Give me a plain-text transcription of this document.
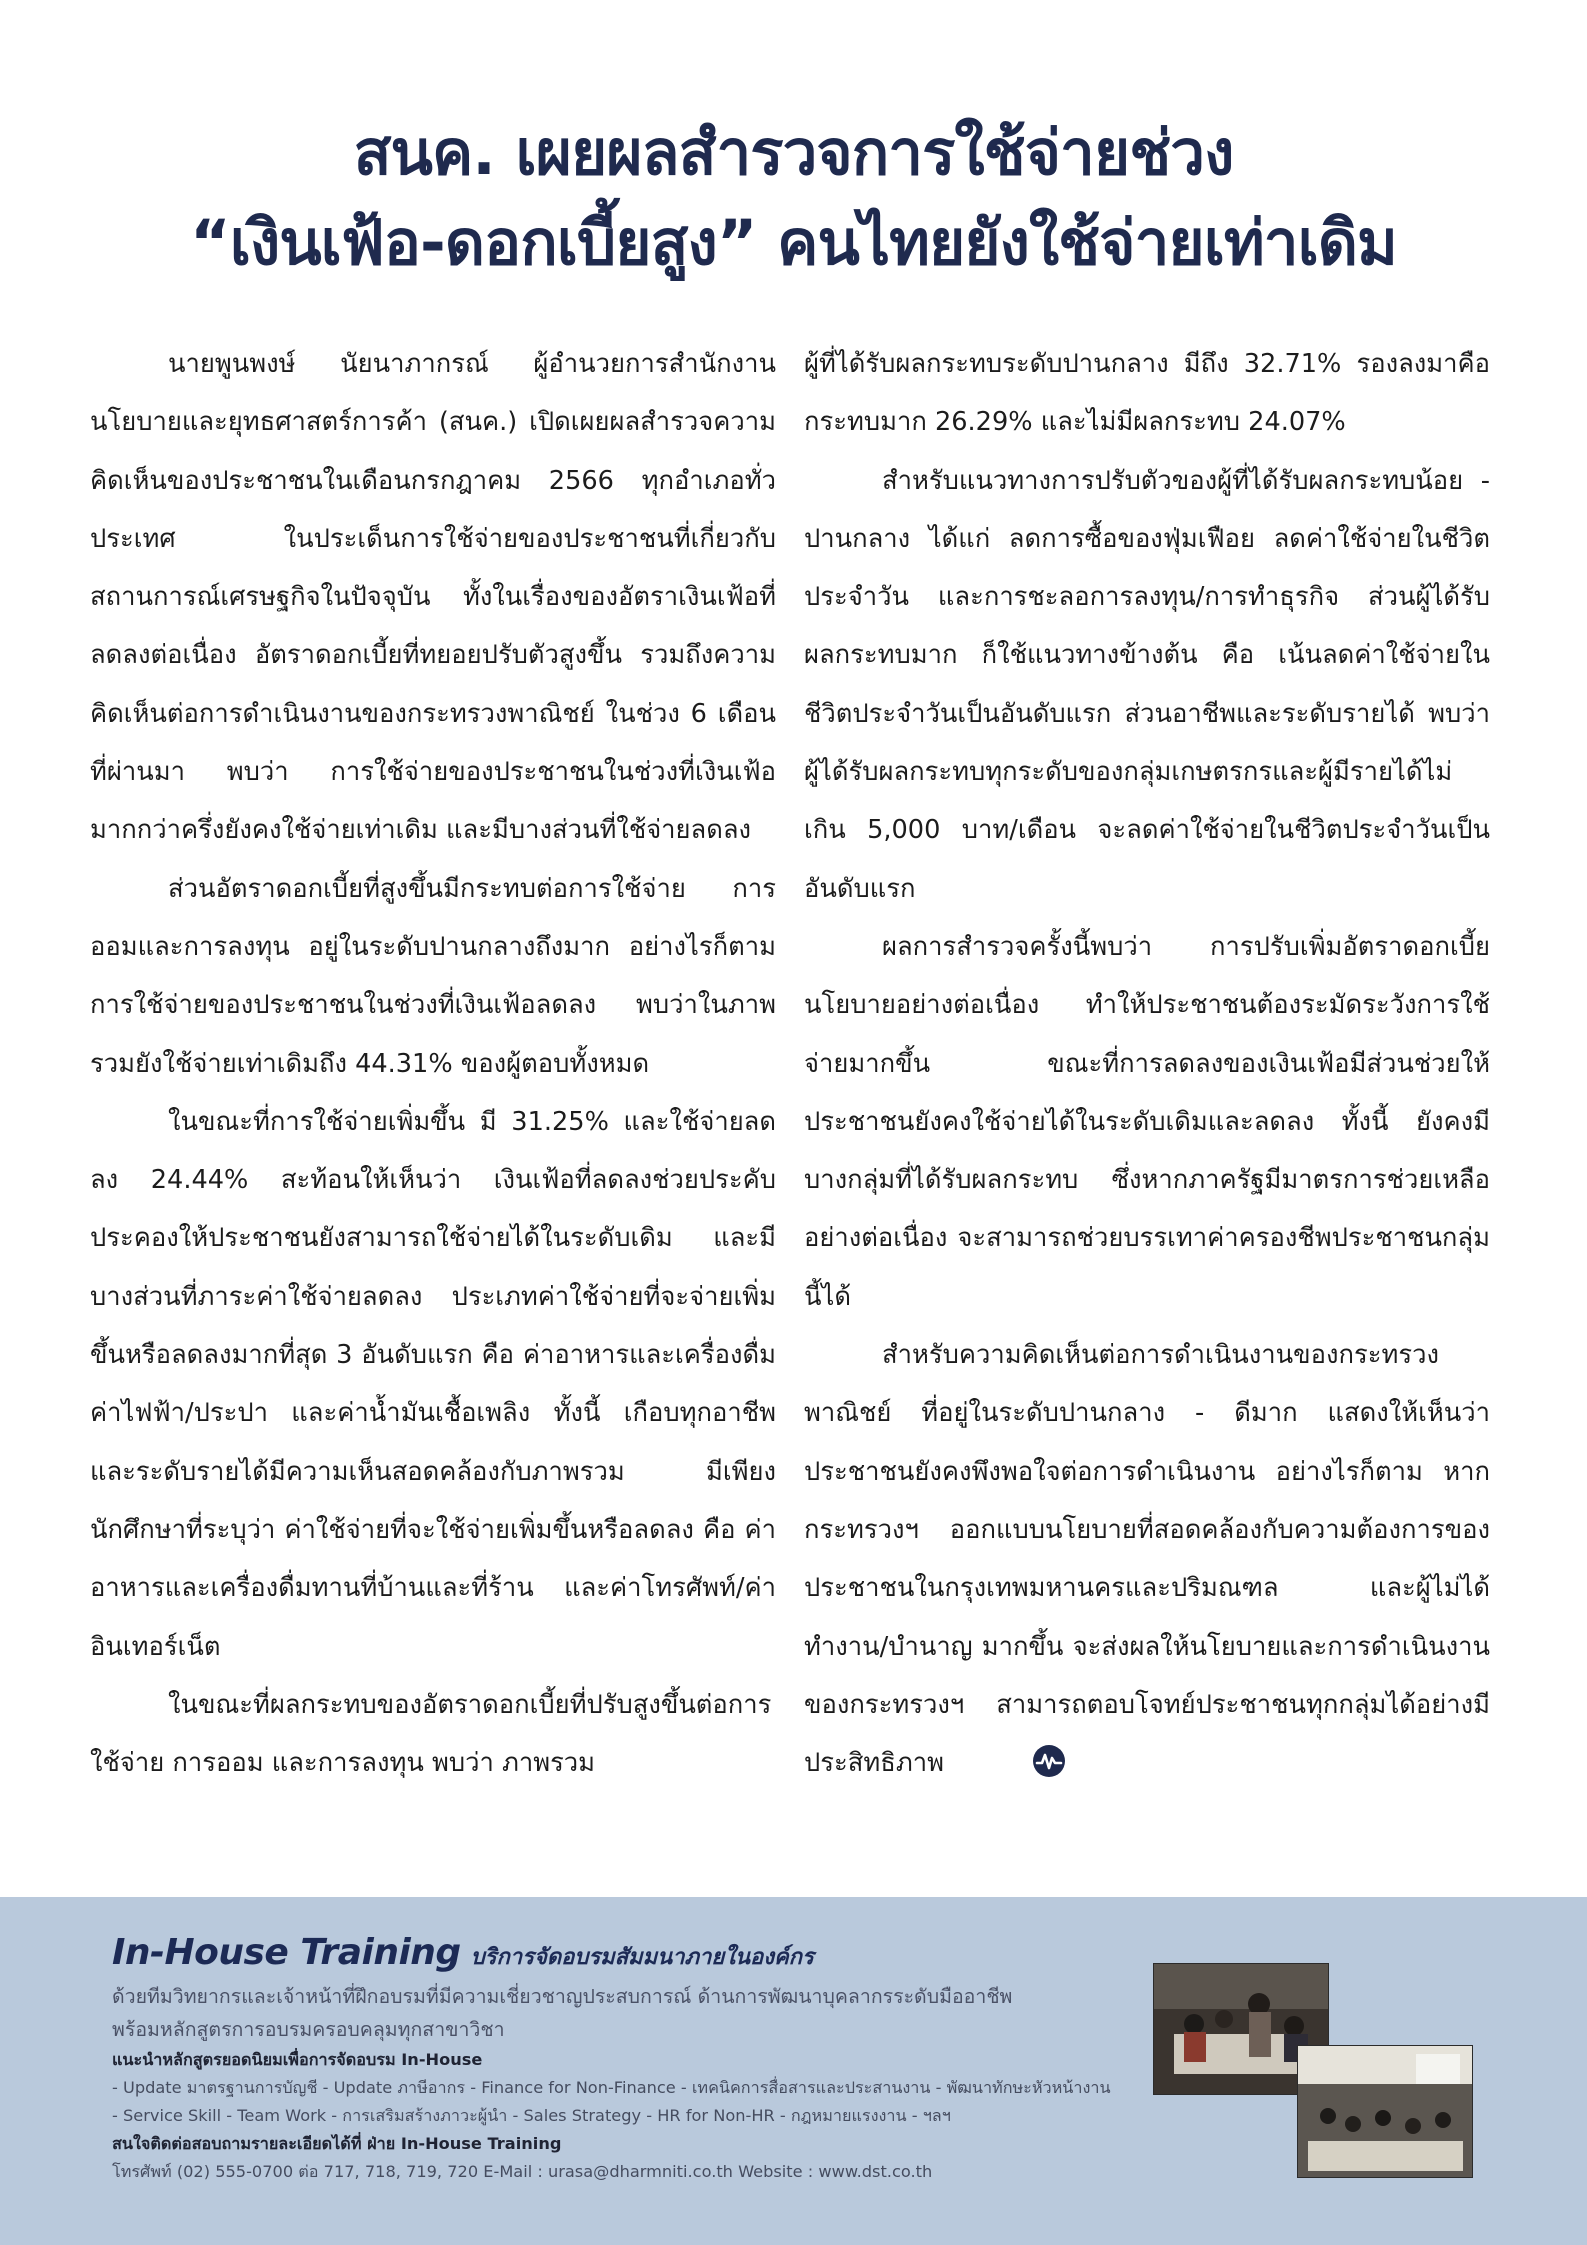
สนค. เผยผลสำรวจการใช้จ่ายช่วง
“เงินเฟ้อ-ดอกเบี้ยสูง” คนไทยยังใช้จ่ายเท่าเดิม

นายพูนพงษ์ นัยนาภากรณ์ ผู้อำนวยการสำนักงานนโยบายและยุทธศาสตร์การค้า (สนค.) เปิดเผยผลสำรวจความคิดเห็นของประชาชนในเดือนกรกฎาคม 2566 ทุกอำเภอทั่วประเทศ ในประเด็นการใช้จ่ายของประชาชนที่เกี่ยวกับสถานการณ์เศรษฐกิจในปัจจุบัน ทั้งในเรื่องของอัตราเงินเฟ้อที่ลดลงต่อเนื่อง อัตราดอกเบี้ยที่ทยอยปรับตัวสูงขึ้น รวมถึงความคิดเห็นต่อการดำเนินงานของกระทรวงพาณิชย์ ในช่วง 6 เดือนที่ผ่านมา พบว่า การใช้จ่ายของประชาชนในช่วงที่เงินเฟ้อ มากกว่าครึ่งยังคงใช้จ่ายเท่าเดิม และมีบางส่วนที่ใช้จ่ายลดลง

ส่วนอัตราดอกเบี้ยที่สูงขึ้นมีกระทบต่อการใช้จ่าย การออมและการลงทุน อยู่ในระดับปานกลางถึงมาก อย่างไรก็ตาม การใช้จ่ายของประชาชนในช่วงที่เงินเฟ้อลดลง พบว่าในภาพรวมยังใช้จ่ายเท่าเดิมถึง 44.31% ของผู้ตอบทั้งหมด

ในขณะที่การใช้จ่ายเพิ่มขึ้น มี 31.25% และใช้จ่ายลดลง 24.44% สะท้อนให้เห็นว่า เงินเฟ้อที่ลดลงช่วยประคับประคองให้ประชาชนยังสามารถใช้จ่ายได้ในระดับเดิม และมีบางส่วนที่ภาระค่าใช้จ่ายลดลง ประเภทค่าใช้จ่ายที่จะจ่ายเพิ่มขึ้นหรือลดลงมากที่สุด 3 อันดับแรก คือ ค่าอาหารและเครื่องดื่ม ค่าไฟฟ้า/ประปา และค่าน้ำมันเชื้อเพลิง ทั้งนี้ เกือบทุกอาชีพและระดับรายได้มีความเห็นสอดคล้องกับภาพรวม มีเพียงนักศึกษาที่ระบุว่า ค่าใช้จ่ายที่จะใช้จ่ายเพิ่มขึ้นหรือลดลง คือ ค่าอาหารและเครื่องดื่มทานที่บ้านและที่ร้าน และค่าโทรศัพท์/ค่าอินเทอร์เน็ต

ในขณะที่ผลกระทบของอัตราดอกเบี้ยที่ปรับสูงขึ้นต่อการใช้จ่าย การออม และการลงทุน พบว่า ภาพรวม

ผู้ที่ได้รับผลกระทบระดับปานกลาง มีถึง 32.71% รองลงมาคือ กระทบมาก 26.29% และไม่มีผลกระทบ 24.07%

สำหรับแนวทางการปรับตัวของผู้ที่ได้รับผลกระทบน้อย - ปานกลาง ได้แก่ ลดการซื้อของฟุ่มเฟือย ลดค่าใช้จ่ายในชีวิตประจำวัน และการชะลอการลงทุน/การทำธุรกิจ ส่วนผู้ได้รับผลกระทบมาก ก็ใช้แนวทางข้างต้น คือ เน้นลดค่าใช้จ่ายในชีวิตประจำวันเป็นอันดับแรก ส่วนอาชีพและระดับรายได้ พบว่า ผู้ได้รับผลกระทบทุกระดับของกลุ่มเกษตรกรและผู้มีรายได้ไม่เกิน 5,000 บาท/เดือน จะลดค่าใช้จ่ายในชีวิตประจำวันเป็นอันดับแรก

ผลการสำรวจครั้งนี้พบว่า การปรับเพิ่มอัตราดอกเบี้ยนโยบายอย่างต่อเนื่อง ทำให้ประชาชนต้องระมัดระวังการใช้จ่ายมากขึ้น ขณะที่การลดลงของเงินเฟ้อมีส่วนช่วยให้ประชาชนยังคงใช้จ่ายได้ในระดับเดิมและลดลง ทั้งนี้ ยังคงมีบางกลุ่มที่ได้รับผลกระทบ ซึ่งหากภาครัฐมีมาตรการช่วยเหลืออย่างต่อเนื่อง จะสามารถช่วยบรรเทาค่าครองชีพประชาชนกลุ่มนี้ได้

สำหรับความคิดเห็นต่อการดำเนินงานของกระทรวงพาณิชย์ ที่อยู่ในระดับปานกลาง - ดีมาก แสดงให้เห็นว่า ประชาชนยังคงพึงพอใจต่อการดำเนินงาน อย่างไรก็ตาม หากกระทรวงฯ ออกแบบนโยบายที่สอดคล้องกับความต้องการของประชาชนในกรุงเทพมหานครและปริมณฑล และผู้ไม่ได้ทำงาน/บำนาญ มากขึ้น จะส่งผลให้นโยบายและการดำเนินงานของกระทรวงฯ สามารถตอบโจทย์ประชาชนทุกกลุ่มได้อย่างมีประสิทธิภาพ

In-House Training บริการจัดอบรมสัมมนาภายในองค์กร
ด้วยทีมวิทยากรและเจ้าหน้าที่ฝึกอบรมที่มีความเชี่ยวชาญประสบการณ์ ด้านการพัฒนาบุคลากรระดับมืออาชีพ
พร้อมหลักสูตรการอบรมครอบคลุมทุกสาขาวิชา
แนะนำหลักสูตรยอดนิยมเพื่อการจัดอบรม In-House
- Update มาตรฐานการบัญชี - Update ภาษีอากร - Finance for Non-Finance - เทคนิคการสื่อสารและประสานงาน - พัฒนาทักษะหัวหน้างาน
- Service Skill - Team Work - การเสริมสร้างภาวะผู้นำ - Sales Strategy - HR for Non-HR - กฎหมายแรงงาน - ฯลฯ
สนใจติดต่อสอบถามรายละเอียดได้ที่ ฝ่าย In-House Training
โทรศัพท์ (02) 555-0700 ต่อ 717, 718, 719, 720 E-Mail : urasa@dharmniti.co.th Website : www.dst.co.th
